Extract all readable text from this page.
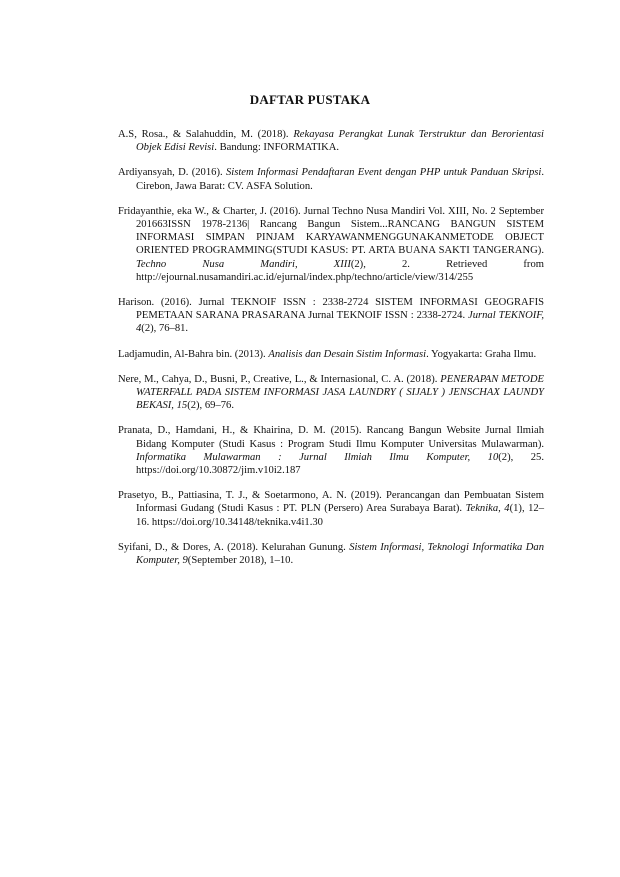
DAFTAR PUSTAKA

A.S, Rosa., & Salahuddin, M. (2018). Rekayasa Perangkat Lunak Terstruktur dan Berorientasi Objek Edisi Revisi. Bandung: INFORMATIKA.

Ardiyansyah, D. (2016). Sistem Informasi Pendaftaran Event dengan PHP untuk Panduan Skripsi. Cirebon, Jawa Barat: CV. ASFA Solution.

Fridayanthie, eka W., & Charter, J. (2016). Jurnal Techno Nusa Mandiri Vol. XIII, No. 2 September 201663ISSN 1978-2136| Rancang Bangun Sistem...RANCANG BANGUN SISTEM INFORMASI SIMPAN PINJAM KARYAWANMENGGUNAKANMETODE OBJECT ORIENTED PROGRAMMING(STUDI KASUS: PT. ARTA BUANA SAKTI TANGERANG). Techno Nusa Mandiri, XIII(2), 2. Retrieved from http://ejournal.nusamandiri.ac.id/ejurnal/index.php/techno/article/view/314/255

Harison. (2016). Jurnal TEKNOIF ISSN : 2338-2724 SISTEM INFORMASI GEOGRAFIS PEMETAAN SARANA PRASARANA Jurnal TEKNOIF ISSN : 2338-2724. Jurnal TEKNOIF, 4(2), 76–81.

Ladjamudin, Al-Bahra bin. (2013). Analisis dan Desain Sistim Informasi. Yogyakarta: Graha Ilmu.

Nere, M., Cahya, D., Busni, P., Creative, L., & Internasional, C. A. (2018). PENERAPAN METODE WATERFALL PADA SISTEM INFORMASI JASA LAUNDRY ( SIJALY ) JENSCHAX LAUNDY BEKASI, 15(2), 69–76.

Pranata, D., Hamdani, H., & Khairina, D. M. (2015). Rancang Bangun Website Jurnal Ilmiah Bidang Komputer (Studi Kasus : Program Studi Ilmu Komputer Universitas Mulawarman). Informatika Mulawarman : Jurnal Ilmiah Ilmu Komputer, 10(2), 25. https://doi.org/10.30872/jim.v10i2.187

Prasetyo, B., Pattiasina, T. J., & Soetarmono, A. N. (2019). Perancangan dan Pembuatan Sistem Informasi Gudang (Studi Kasus : PT. PLN (Persero) Area Surabaya Barat). Teknika, 4(1), 12–16. https://doi.org/10.34148/teknika.v4i1.30

Syifani, D., & Dores, A. (2018). Kelurahan Gunung. Sistem Informasi, Teknologi Informatika Dan Komputer, 9(September 2018), 1–10.
